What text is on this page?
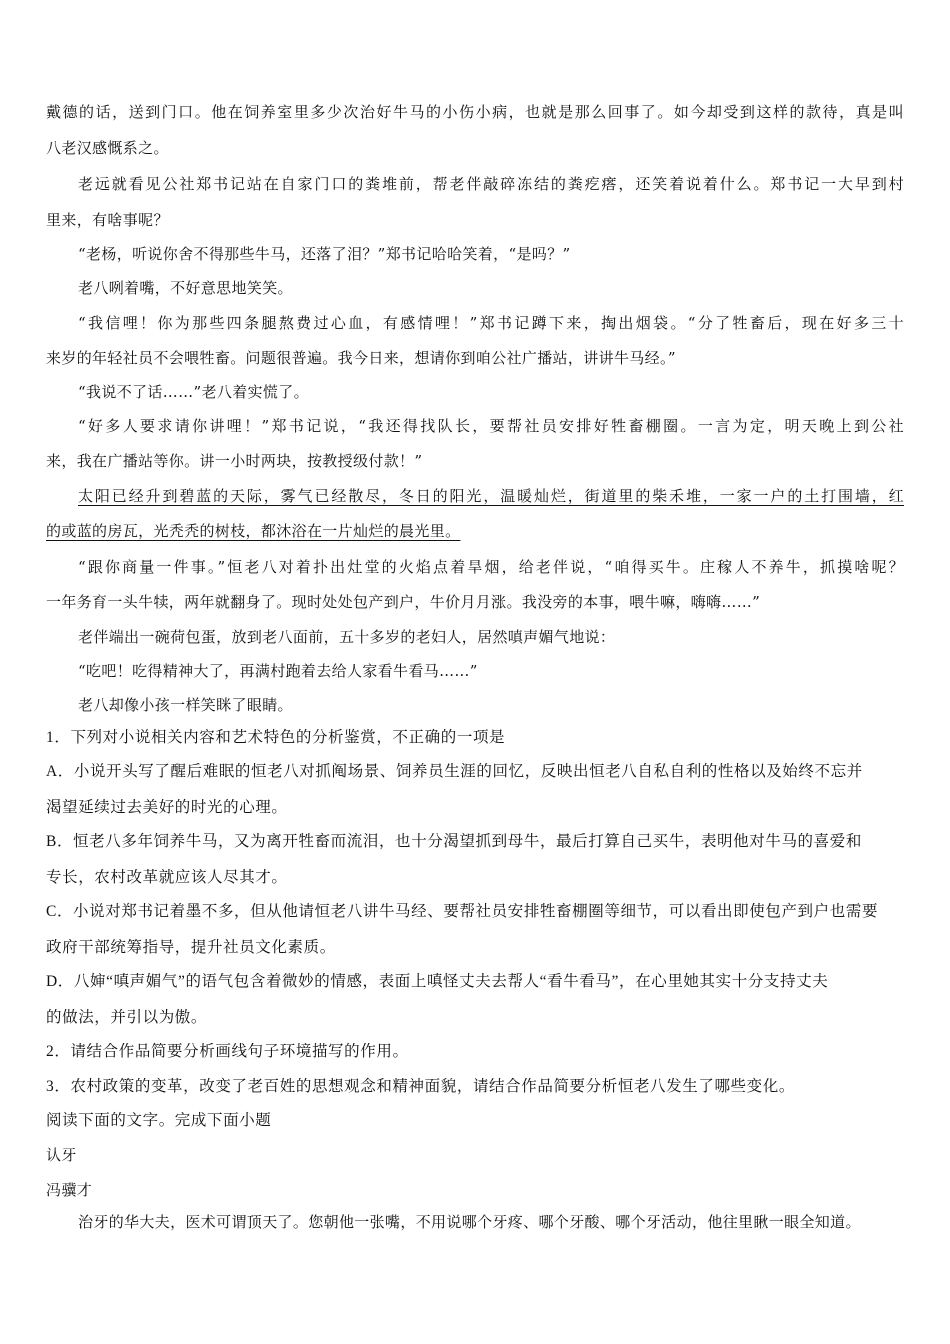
戴德的话，送到门口。他在饲养室里多少次治好牛马的小伤小病，也就是那么回事了。如今却受到这样的款待，真是叫
八老汉感慨系之。
老远就看见公社郑书记站在自家门口的粪堆前，帮老伴敲碎冻结的粪疙瘩，还笑着说着什么。郑书记一大早到村
里来，有啥事呢？
“老杨，听说你舍不得那些牛马，还落了泪？”郑书记哈哈笑着，“是吗？”
老八咧着嘴，不好意思地笑笑。
“我信哩！你为那些四条腿熬费过心血，有感情哩！”郑书记蹲下来，掏出烟袋。“分了牲畜后，现在好多三十
来岁的年轻社员不会喂牲畜。问题很普遍。我今日来，想请你到咱公社广播站，讲讲牛马经。”
“我说不了话……”老八着实慌了。
“好多人要求请你讲哩！”郑书记说，“我还得找队长，要帮社员安排好牲畜棚圈。一言为定，明天晚上到公社
来，我在广播站等你。讲一小时两块，按教授级付款！”
太阳已经升到碧蓝的天际，雾气已经散尽，冬日的阳光，温暖灿烂，街道里的柴禾堆，一家一户的土打围墙，红
的或蓝的房瓦，光秃秃的树枝，都沐浴在一片灿烂的晨光里。
“跟你商量一件事。”恒老八对着扑出灶堂的火焰点着旱烟，给老伴说，“咱得买牛。庄稼人不养牛，抓摸啥呢？
一年务育一头牛犊，两年就翻身了。现时处处包产到户，牛价月月涨。我没旁的本事，喂牛嘛，嗨嗨……”
老伴端出一碗荷包蛋，放到老八面前，五十多岁的老妇人，居然嗔声媚气地说：
“吃吧！吃得精神大了，再满村跑着去给人家看牛看马……”
老八却像小孩一样笑眯了眼睛。
1．下列对小说相关内容和艺术特色的分析鉴赏，不正确的一项是
A．小说开头写了醒后难眠的恒老八对抓阄场景、饲养员生涯的回忆，反映出恒老八自私自利的性格以及始终不忘并
渴望延续过去美好的时光的心理。
B．恒老八多年饲养牛马，又为离开牲畜而流泪，也十分渴望抓到母牛，最后打算自己买牛，表明他对牛马的喜爱和
专长，农村改革就应该人尽其才。
C．小说对郑书记着墨不多，但从他请恒老八讲牛马经、要帮社员安排牲畜棚圈等细节，可以看出即使包产到户也需要
政府干部统筹指导，提升社员文化素质。
D．八婶“嗔声媚气”的语气包含着微妙的情感，表面上嗔怪丈夫去帮人“看牛看马”，在心里她其实十分支持丈夫
的做法，并引以为傲。
2．请结合作品简要分析画线句子环境描写的作用。
3．农村政策的变革，改变了老百姓的思想观念和精神面貌，请结合作品简要分析恒老八发生了哪些变化。
阅读下面的文字。完成下面小题
认牙
冯骥才
治牙的华大夫，医术可谓顶天了。您朝他一张嘴，不用说哪个牙疼、哪个牙酸、哪个牙活动，他往里瞅一眼全知道。
